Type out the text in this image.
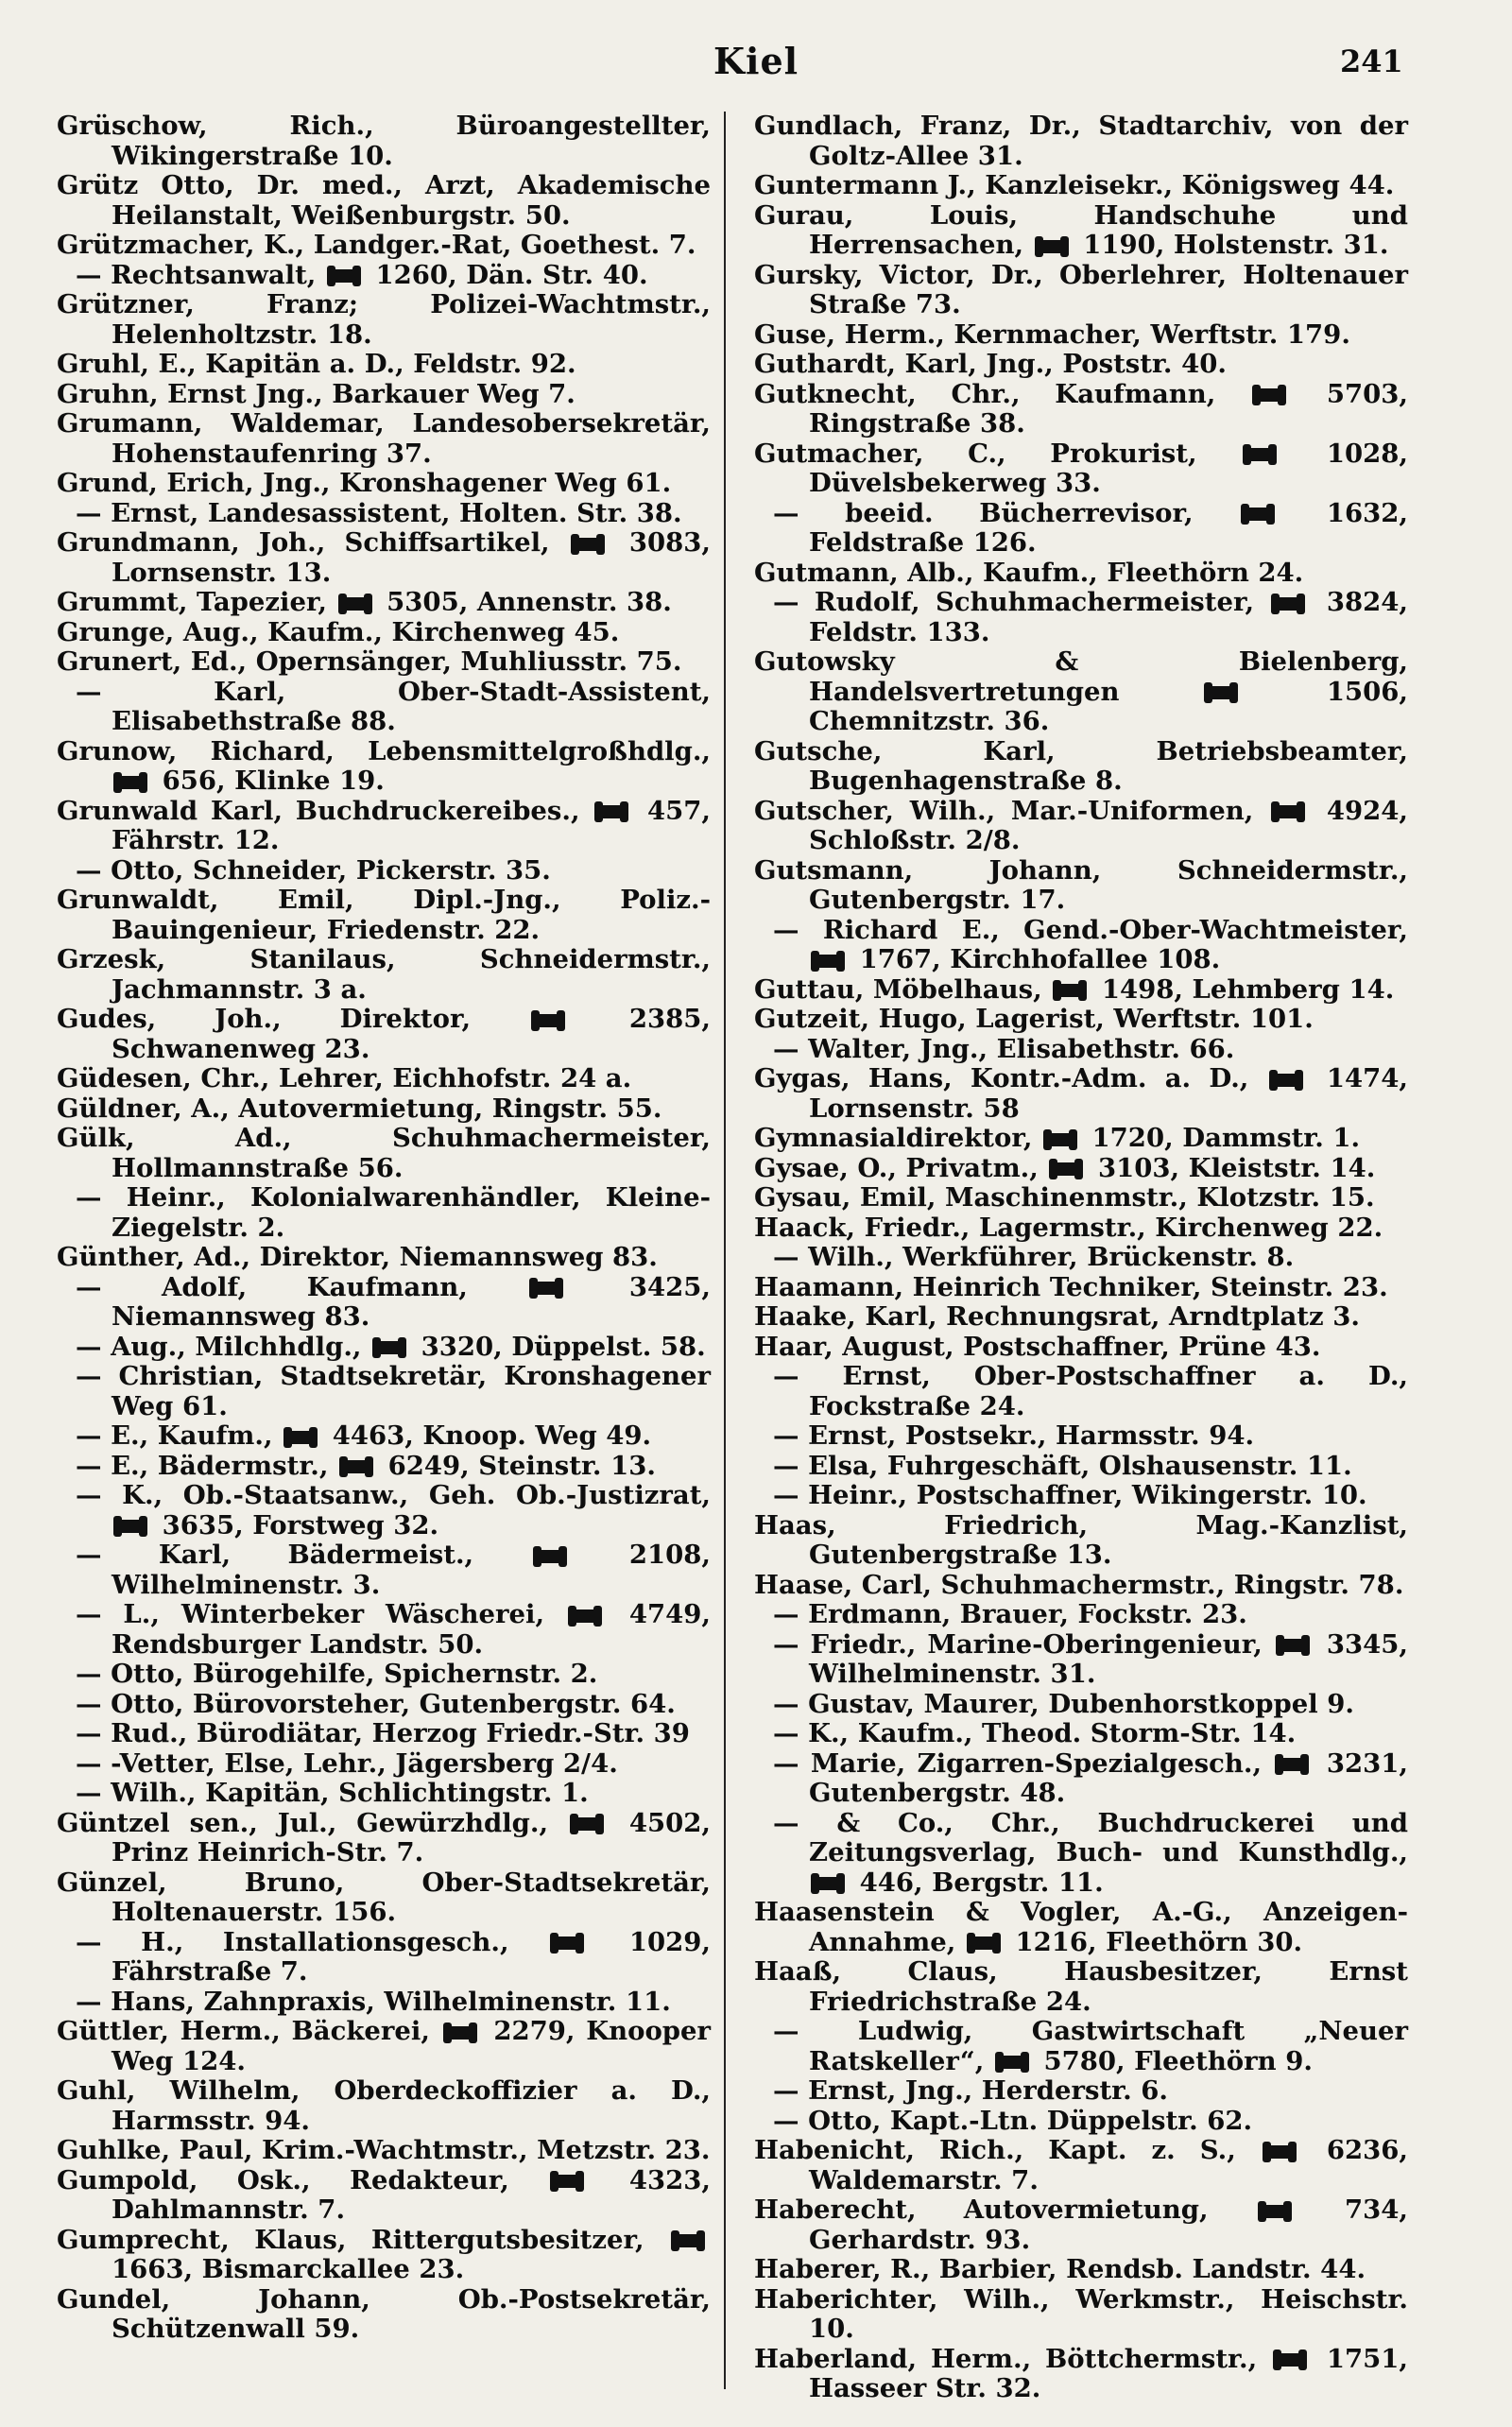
Kiel	241
Grüschow, Rich., Büroangestellter, Wikingerstraße 10.
Grütz Otto, Dr. med., Arzt, Akademische Heilanstalt, Weißenburgstr. 50.
Grützmacher, K., Landger.-Rat, Goethest. 7.
— Rechtsanwalt,  1260, Dän. Str. 40.
Grützner, Franz; Polizei-Wachtmstr., Helenholtzstr. 18.
Gruhl, E., Kapitän a. D., Feldstr. 92.
Gruhn, Ernst Jng., Barkauer Weg 7.
Grumann, Waldemar, Landesobersekretär, Hohenstaufenring 37.
Grund, Erich, Jng., Kronshagener Weg 61.
— Ernst, Landesassistent, Holten. Str. 38.
Grundmann, Joh., Schiffsartikel,  3083, Lornsenstr. 13.
Grummt, Tapezier,  5305, Annenstr. 38.
Grunge, Aug., Kaufm., Kirchenweg 45.
Grunert, Ed., Opernsänger, Muhliusstr. 75.
— Karl, Ober-Stadt-Assistent, Elisabethstraße 88.
Grunow, Richard, Lebensmittelgroßhdlg.,  656, Klinke 19.
Grunwald Karl, Buchdruckereibes.,  457, Fährstr. 12.
— Otto, Schneider, Pickerstr. 35.
Grunwaldt, Emil, Dipl.-Jng., Poliz.-Bauingenieur, Friedenstr. 22.
Grzesk, Stanilaus, Schneidermstr., Jachmannstr. 3 a.
Gudes, Joh., Direktor,  2385, Schwanenweg 23.
Güdesen, Chr., Lehrer, Eichhofstr. 24 a.
Güldner, A., Autovermietung, Ringstr. 55.
Gülk, Ad., Schuhmachermeister, Hollmannstraße 56.
— Heinr., Kolonialwarenhändler, Kleine-Ziegelstr. 2.
Günther, Ad., Direktor, Niemannsweg 83.
— Adolf, Kaufmann,  3425, Niemannsweg 83.
— Aug., Milchhdlg.,  3320, Düppelst. 58.
— Christian, Stadtsekretär, Kronshagener Weg 61.
— E., Kaufm.,  4463, Knoop. Weg 49.
— E., Bädermstr.,  6249, Steinstr. 13.
— K., Ob.-Staatsanw., Geh. Ob.-Justizrat,  3635, Forstweg 32.
— Karl, Bädermeist.,  2108, Wilhelminenstr. 3.
— L., Winterbeker Wäscherei,  4749, Rendsburger Landstr. 50.
— Otto, Bürogehilfe, Spichernstr. 2.
— Otto, Bürovorsteher, Gutenbergstr. 64.
— Rud., Bürodiätar, Herzog Friedr.-Str. 39
— -Vetter, Else, Lehr., Jägersberg 2/4.
— Wilh., Kapitän, Schlichtingstr. 1.
Güntzel sen., Jul., Gewürzhdlg.,  4502, Prinz Heinrich-Str. 7.
Günzel, Bruno, Ober-Stadtsekretär, Holtenauerstr. 156.
— H., Installationsgesch.,  1029, Fährstraße 7.
— Hans, Zahnpraxis, Wilhelminenstr. 11.
Güttler, Herm., Bäckerei,  2279, Knooper Weg 124.
Guhl, Wilhelm, Oberdeckoffizier a. D., Harmsstr. 94.
Guhlke, Paul, Krim.-Wachtmstr., Metzstr. 23.
Gumpold, Osk., Redakteur,  4323, Dahlmannstr. 7.
Gumprecht, Klaus, Rittergutsbesitzer,  1663, Bismarckallee 23.
Gundel, Johann, Ob.-Postsekretär, Schützenwall 59.
Gundlach, Franz, Dr., Stadtarchiv, von der Goltz-Allee 31.
Guntermann J., Kanzleisekr., Königsweg 44.
Gurau, Louis, Handschuhe und Herrensachen,  1190, Holstenstr. 31.
Gursky, Victor, Dr., Oberlehrer, Holtenauer Straße 73.
Guse, Herm., Kernmacher, Werftstr. 179.
Guthardt, Karl, Jng., Poststr. 40.
Gutknecht, Chr., Kaufmann,  5703, Ringstraße 38.
Gutmacher, C., Prokurist,  1028, Düvelsbekerweg 33.
— beeid. Bücherrevisor,  1632, Feldstraße 126.
Gutmann, Alb., Kaufm., Fleethörn 24.
— Rudolf, Schuhmachermeister,  3824, Feldstr. 133.
Gutowsky & Bielenberg, Handelsvertretungen  1506, Chemnitzstr. 36.
Gutsche, Karl, Betriebsbeamter, Bugenhagenstraße 8.
Gutscher, Wilh., Mar.-Uniformen,  4924, Schloßstr. 2/8.
Gutsmann, Johann, Schneidermstr., Gutenbergstr. 17.
— Richard E., Gend.-Ober-Wachtmeister,  1767, Kirchhofallee 108.
Guttau, Möbelhaus,  1498, Lehmberg 14.
Gutzeit, Hugo, Lagerist, Werftstr. 101.
— Walter, Jng., Elisabethstr. 66.
Gygas, Hans, Kontr.-Adm. a. D.,  1474, Lornsenstr. 58
Gymnasialdirektor,  1720, Dammstr. 1.
Gysae, O., Privatm.,  3103, Kleiststr. 14.
Gysau, Emil, Maschinenmstr., Klotzstr. 15.
Haack, Friedr., Lagermstr., Kirchenweg 22.
— Wilh., Werkführer, Brückenstr. 8.
Haamann, Heinrich Techniker, Steinstr. 23.
Haake, Karl, Rechnungsrat, Arndtplatz 3.
Haar, August, Postschaffner, Prüne 43.
— Ernst, Ober-Postschaffner a. D., Fockstraße 24.
— Ernst, Postsekr., Harmsstr. 94.
— Elsa, Fuhrgeschäft, Olshausenstr. 11.
— Heinr., Postschaffner, Wikingerstr. 10.
Haas, Friedrich, Mag.-Kanzlist, Gutenbergstraße 13.
Haase, Carl, Schuhmachermstr., Ringstr. 78.
— Erdmann, Brauer, Fockstr. 23.
— Friedr., Marine-Oberingenieur,  3345, Wilhelminenstr. 31.
— Gustav, Maurer, Dubenhorstkoppel 9.
— K., Kaufm., Theod. Storm-Str. 14.
— Marie, Zigarren-Spezialgesch.,  3231, Gutenbergstr. 48.
— & Co., Chr., Buchdruckerei und Zeitungsverlag, Buch- und Kunsthdlg.,  446, Bergstr. 11.
Haasenstein & Vogler, A.-G., Anzeigen-Annahme,  1216, Fleethörn 30.
Haaß, Claus, Hausbesitzer, Ernst Friedrichstraße 24.
— Ludwig, Gastwirtschaft „Neuer Ratskeller“,  5780, Fleethörn 9.
— Ernst, Jng., Herderstr. 6.
— Otto, Kapt.-Ltn. Düppelstr. 62.
Habenicht, Rich., Kapt. z. S.,  6236, Waldemarstr. 7.
Haberecht, Autovermietung,  734, Gerhardstr. 93.
Haberer, R., Barbier, Rendsb. Landstr. 44.
Haberichter, Wilh., Werkmstr., Heischstr. 10.
Haberland, Herm., Böttchermstr.,  1751, Hasseer Str. 32.
